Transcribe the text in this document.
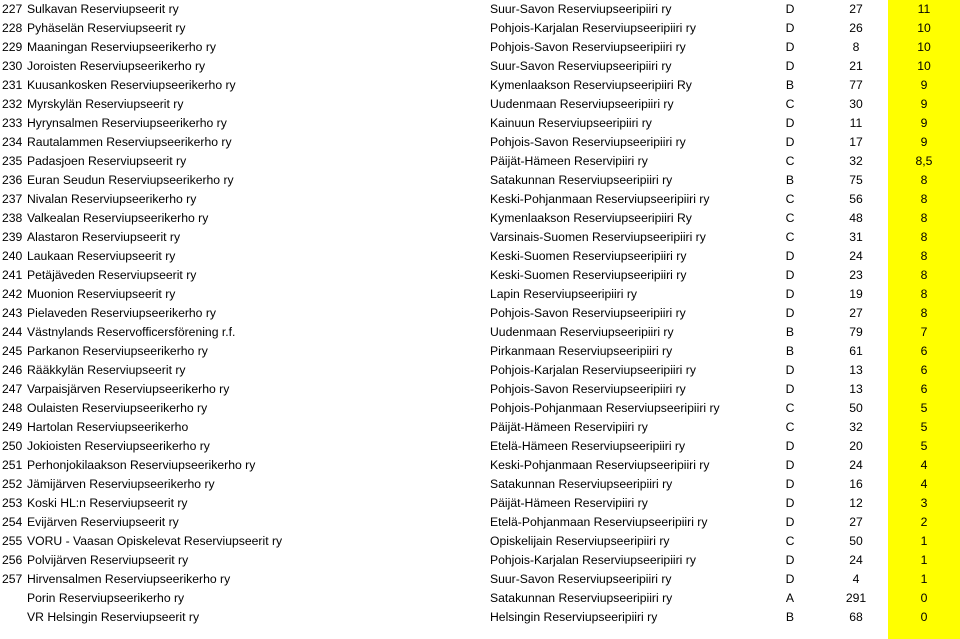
227 Sulkavan Reserviupseerit ry	Suur-Savon Reserviupseeripiiri ry	D	27	11
228 Pyhäselän Reserviupseerit ry	Pohjois-Karjalan Reserviupseeripiiri ry	D	26	10
229 Maaningan Reserviupseerikerho ry	Pohjois-Savon Reserviupseeripiiri ry	D	8	10
230 Joroisten Reserviupseerikerho ry	Suur-Savon Reserviupseeripiiri ry	D	21	10
231 Kuusankosken Reserviupseerikerho ry	Kymenlaakson Reserviupseeripiiri Ry	B	77	9
232 Myrskylän Reserviupseerit ry	Uudenmaan Reserviupseeripiiri ry	C	30	9
233 Hyrynsalmen Reserviupseerikerho ry	Kainuun Reserviupseeripiiri ry	D	11	9
234 Rautalammen Reserviupseerikerho ry	Pohjois-Savon Reserviupseeripiiri ry	D	17	9
235 Padasjoen Reserviupseerit ry	Päijät-Hämeen Reservipiiri ry	C	32	8,5
236 Euran Seudun Reserviupseerikerho ry	Satakunnan Reserviupseeripiiri ry	B	75	8
237 Nivalan Reserviupseerikerho ry	Keski-Pohjanmaan Reserviupseeripiiri ry	C	56	8
238 Valkealan Reserviupseerikerho ry	Kymenlaakson Reserviupseeripiiri Ry	C	48	8
239 Alastaron Reserviupseerit ry	Varsinais-Suomen Reserviupseeripiiri ry	C	31	8
240 Laukaan Reserviupseerit ry	Keski-Suomen Reserviupseeripiiri ry	D	24	8
241 Petäjäveden Reserviupseerit ry	Keski-Suomen Reserviupseeripiiri ry	D	23	8
242 Muonion Reserviupseerit ry	Lapin Reserviupseeripiiri ry	D	19	8
243 Pielaveden Reserviupseerikerho ry	Pohjois-Savon Reserviupseeripiiri ry	D	27	8
244 Västnylands Reservofficersförening r.f.	Uudenmaan Reserviupseeripiiri ry	B	79	7
245 Parkanon Reserviupseerikerho ry	Pirkanmaan Reserviupseeripiiri ry	B	61	6
246 Rääkkylän Reserviupseerit ry	Pohjois-Karjalan Reserviupseeripiiri ry	D	13	6
247 Varpaisjärven Reserviupseerikerho ry	Pohjois-Savon Reserviupseeripiiri ry	D	13	6
248 Oulaisten Reserviupseerikerho ry	Pohjois-Pohjanmaan Reserviupseeripiiri ry	C	50	5
249 Hartolan Reserviupseerikerho	Päijät-Hämeen Reservipiiri ry	C	32	5
250 Jokioisten Reserviupseerikerho ry	Etelä-Hämeen Reserviupseeripiiri ry	D	20	5
251 Perhonjokilaakson Reserviupseerikerho ry	Keski-Pohjanmaan Reserviupseeripiiri ry	D	24	4
252 Jämijärven Reserviupseerikerho ry	Satakunnan Reserviupseeripiiri ry	D	16	4
253 Koski HL:n Reserviupseerit ry	Päijät-Hämeen Reservipiiri ry	D	12	3
254 Evijärven Reserviupseerit ry	Etelä-Pohjanmaan Reserviupseeripiiri ry	D	27	2
255 VORU - Vaasan Opiskelevat Reserviupseerit ry	Opiskelijain Reserviupseeripiiri ry	C	50	1
256 Polvijärven Reserviupseerit ry	Pohjois-Karjalan Reserviupseeripiiri ry	D	24	1
257 Hirvensalmen Reserviupseerikerho ry	Suur-Savon Reserviupseeripiiri ry	D	4	1
Porin Reserviupseerikerho ry	Satakunnan Reserviupseeripiiri ry	A	291	0
VR Helsingin Reserviupseerit ry	Helsingin Reserviupseeripiiri ry	B	68	0
